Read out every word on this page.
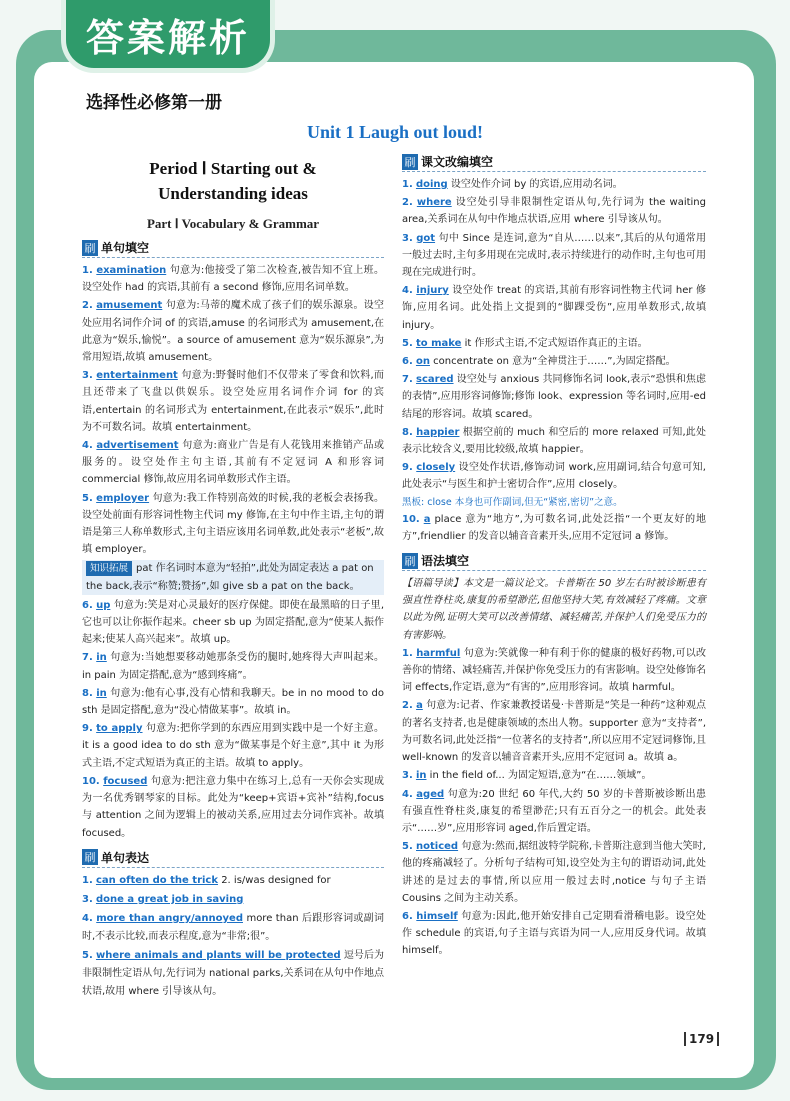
答案解析
选择性必修第一册
Unit 1 Laugh out loud!
Period Ⅰ Starting out &
Understanding ideas
Part Ⅰ Vocabulary & Grammar
刷 单句填空
1. examination 句意为:他接受了第二次检查,被告知不宜上班。设空处作 had 的宾语,其前有 a second 修饰,应用名词单数。
2. amusement 句意为:马蒂的魔术成了孩子们的娱乐源泉。设空处应用名词作介词 of 的宾语,amuse 的名词形式为 amusement,在此意为“娱乐,愉悦”。a source of amusement 意为“娱乐源泉”,为常用短语,故填 amusement。
3. entertainment 句意为:野餐时他们不仅带来了零食和饮料,而且还带来了飞盘以供娱乐。设空处应用名词作介词 for 的宾语,entertain 的名词形式为 entertainment,在此表示“娱乐”,此时为不可数名词。故填 entertainment。
4. advertisement 句意为:商业广告是有人花钱用来推销产品或服务的。设空处作主句主语,其前有不定冠词 A 和形容词 commercial 修饰,故应用名词单数形式作主语。
5. employer 句意为:我工作特别高效的时候,我的老板会表扬我。设空处前面有形容词性物主代词 my 修饰,在主句中作主语,主句的谓语是第三人称单数形式,主句主语应该用名词单数,此处表示“老板”,故填 employer。
知识拓展 pat 作名词时本意为“轻拍”,此处为固定表达 a pat on the back,表示“称赞;赞扬”,如 give sb a pat on the back。
6. up 句意为:笑是对心灵最好的医疗保健。即使在最黑暗的日子里,它也可以让你振作起来。cheer sb up 为固定搭配,意为“使某人振作起来;使某人高兴起来”。故填 up。
7. in 句意为:当她想要移动她那条受伤的腿时,她疼得大声叫起来。in pain 为固定搭配,意为“感到疼痛”。
8. in 句意为:他有心事,没有心情和我聊天。be in no mood to do sth 是固定搭配,意为“没心情做某事”。故填 in。
9. to apply 句意为:把你学到的东西应用到实践中是一个好主意。it is a good idea to do sth 意为“做某事是个好主意”,其中 it 为形式主语,不定式短语为真正的主语。故填 to apply。
10. focused 句意为:把注意力集中在练习上,总有一天你会实现成为一名优秀钢琴家的目标。此处为“keep+宾语+宾补”结构,focus 与 attention 之间为逻辑上的被动关系,应用过去分词作宾补。故填 focused。
刷 单句表达
1. can often do the trick 2. is/was designed for
3. done a great job in saving
4. more than angry/annoyed more than 后跟形容词或副词时,不表示比较,而表示程度,意为“非常;很”。
5. where animals and plants will be protected 逗号后为非限制性定语从句,先行词为 national parks,关系词在从句中作地点状语,故用 where 引导该从句。
刷 课文改编填空
1. doing 设空处作介词 by 的宾语,应用动名词。
2. where 设空处引导非限制性定语从句,先行词为 the waiting area,关系词在从句中作地点状语,应用 where 引导该从句。
3. got 句中 Since 是连词,意为“自从……以来”,其后的从句通常用一般过去时,主句多用现在完成时,表示持续进行的动作时,主句也可用现在完成进行时。
4. injury 设空处作 treat 的宾语,其前有形容词性物主代词 her 修饰,应用名词。此处指上文提到的“脚踝受伤”,应用单数形式,故填 injury。
5. to make it 作形式主语,不定式短语作真正的主语。
6. on concentrate on 意为“全神贯注于……”,为固定搭配。
7. scared 设空处与 anxious 共同修饰名词 look,表示“恐惧和焦虑的表情”,应用形容词修饰;修饰 look、expression 等名词时,应用-ed 结尾的形容词。故填 scared。
8. happier 根据空前的 much 和空后的 more relaxed 可知,此处表示比较含义,要用比较级,故填 happier。
9. closely 设空处作状语,修饰动词 work,应用副词,结合句意可知,此处表示“与医生和护士密切合作”,应用 closely。
黑板: close 本身也可作副词,但无“紧密,密切”之意。
10. a place 意为“地方”,为可数名词,此处泛指“一个更友好的地方”,friendlier 的发音以辅音音素开头,应用不定冠词 a 修饰。
刷 语法填空
【语篇导读】本文是一篇议论文。卡普斯在 50 岁左右时被诊断患有强直性脊柱炎,康复的希望渺茫,但他坚持大笑,有效减轻了疼痛。文章以此为例,证明大笑可以改善情绪、减轻痛苦,并保护人们免受压力的有害影响。
1. harmful 句意为:笑就像一种有利于你的健康的极好药物,可以改善你的情绪、减轻痛苦,并保护你免受压力的有害影响。设空处修饰名词 effects,作定语,意为“有害的”,应用形容词。故填 harmful。
2. a 句意为:记者、作家兼教授诺曼·卡普斯是“笑是一种药”这种观点的著名支持者,也是健康领域的杰出人物。supporter 意为“支持者”,为可数名词,此处泛指“一位著名的支持者”,所以应用不定冠词修饰,且 well-known 的发音以辅音音素开头,应用不定冠词 a。故填 a。
3. in in the field of... 为固定短语,意为“在……领域”。
4. aged 句意为:20 世纪 60 年代,大约 50 岁的卡普斯被诊断出患有强直性脊柱炎,康复的希望渺茫;只有五百分之一的机会。此处表示“……岁”,应用形容词 aged,作后置定语。
5. noticed 句意为:然而,据纽波特学院称,卡普斯注意到当他大笑时,他的疼痛减轻了。分析句子结构可知,设空处为主句的谓语动词,此处讲述的是过去的事情,所以应用一般过去时,notice 与句子主语 Cousins 之间为主动关系。
6. himself 句意为:因此,他开始安排自己定期看滑稽电影。设空处作 schedule 的宾语,句子主语与宾语为同一人,应用反身代词。故填 himself。
179
